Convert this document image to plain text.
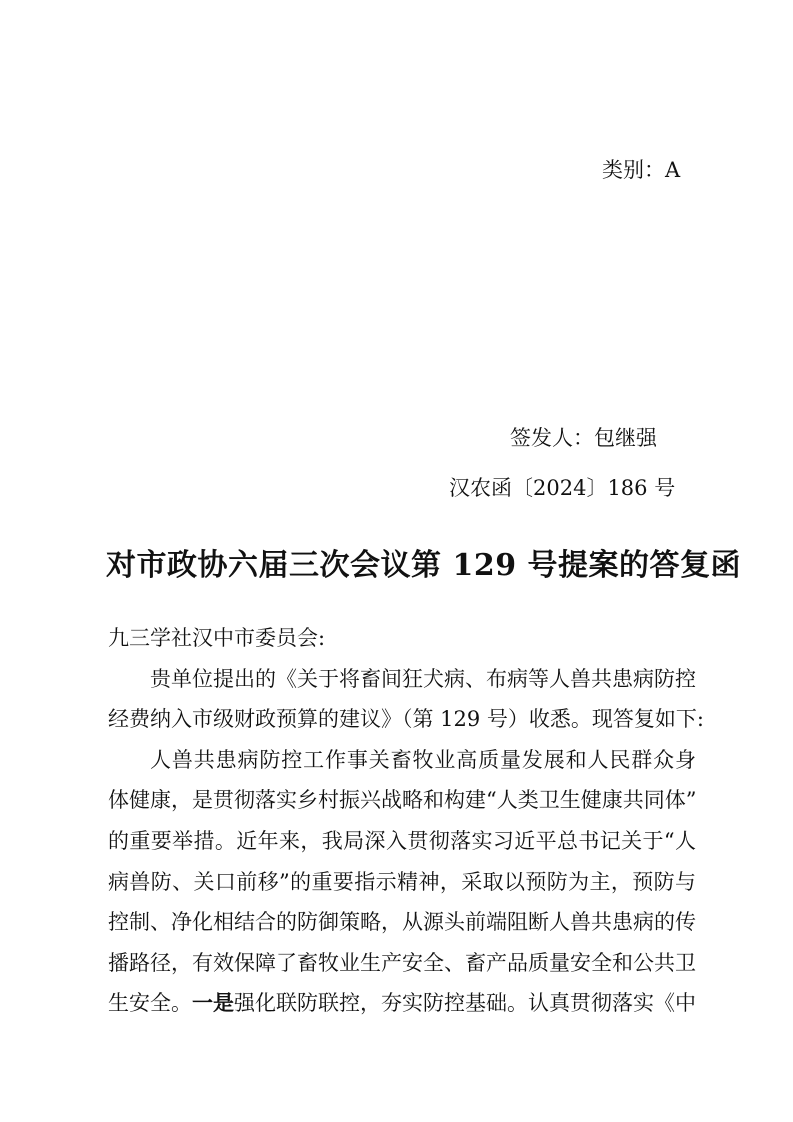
类别：A
签发人：包继强
汉农函〔2024〕186 号
对市政协六届三次会议第 129 号提案的答复函
九三学社汉中市委员会:
贵单位提出的《关于将畜间狂犬病、布病等人兽共患病防控
经费纳入市级财政预算的建议》（第 129 号）收悉。现答复如下:
人兽共患病防控工作事关畜牧业高质量发展和人民群众身
体健康，是贯彻落实乡村振兴战略和构建“人类卫生健康共同体”
的重要举措。近年来，我局深入贯彻落实习近平总书记关于“人
病兽防、关口前移”的重要指示精神，采取以预防为主，预防与
控制、净化相结合的防御策略，从源头前端阻断人兽共患病的传
播路径，有效保障了畜牧业生产安全、畜产品质量安全和公共卫
生安全。一是强化联防联控，夯实防控基础。认真贯彻落实《中
